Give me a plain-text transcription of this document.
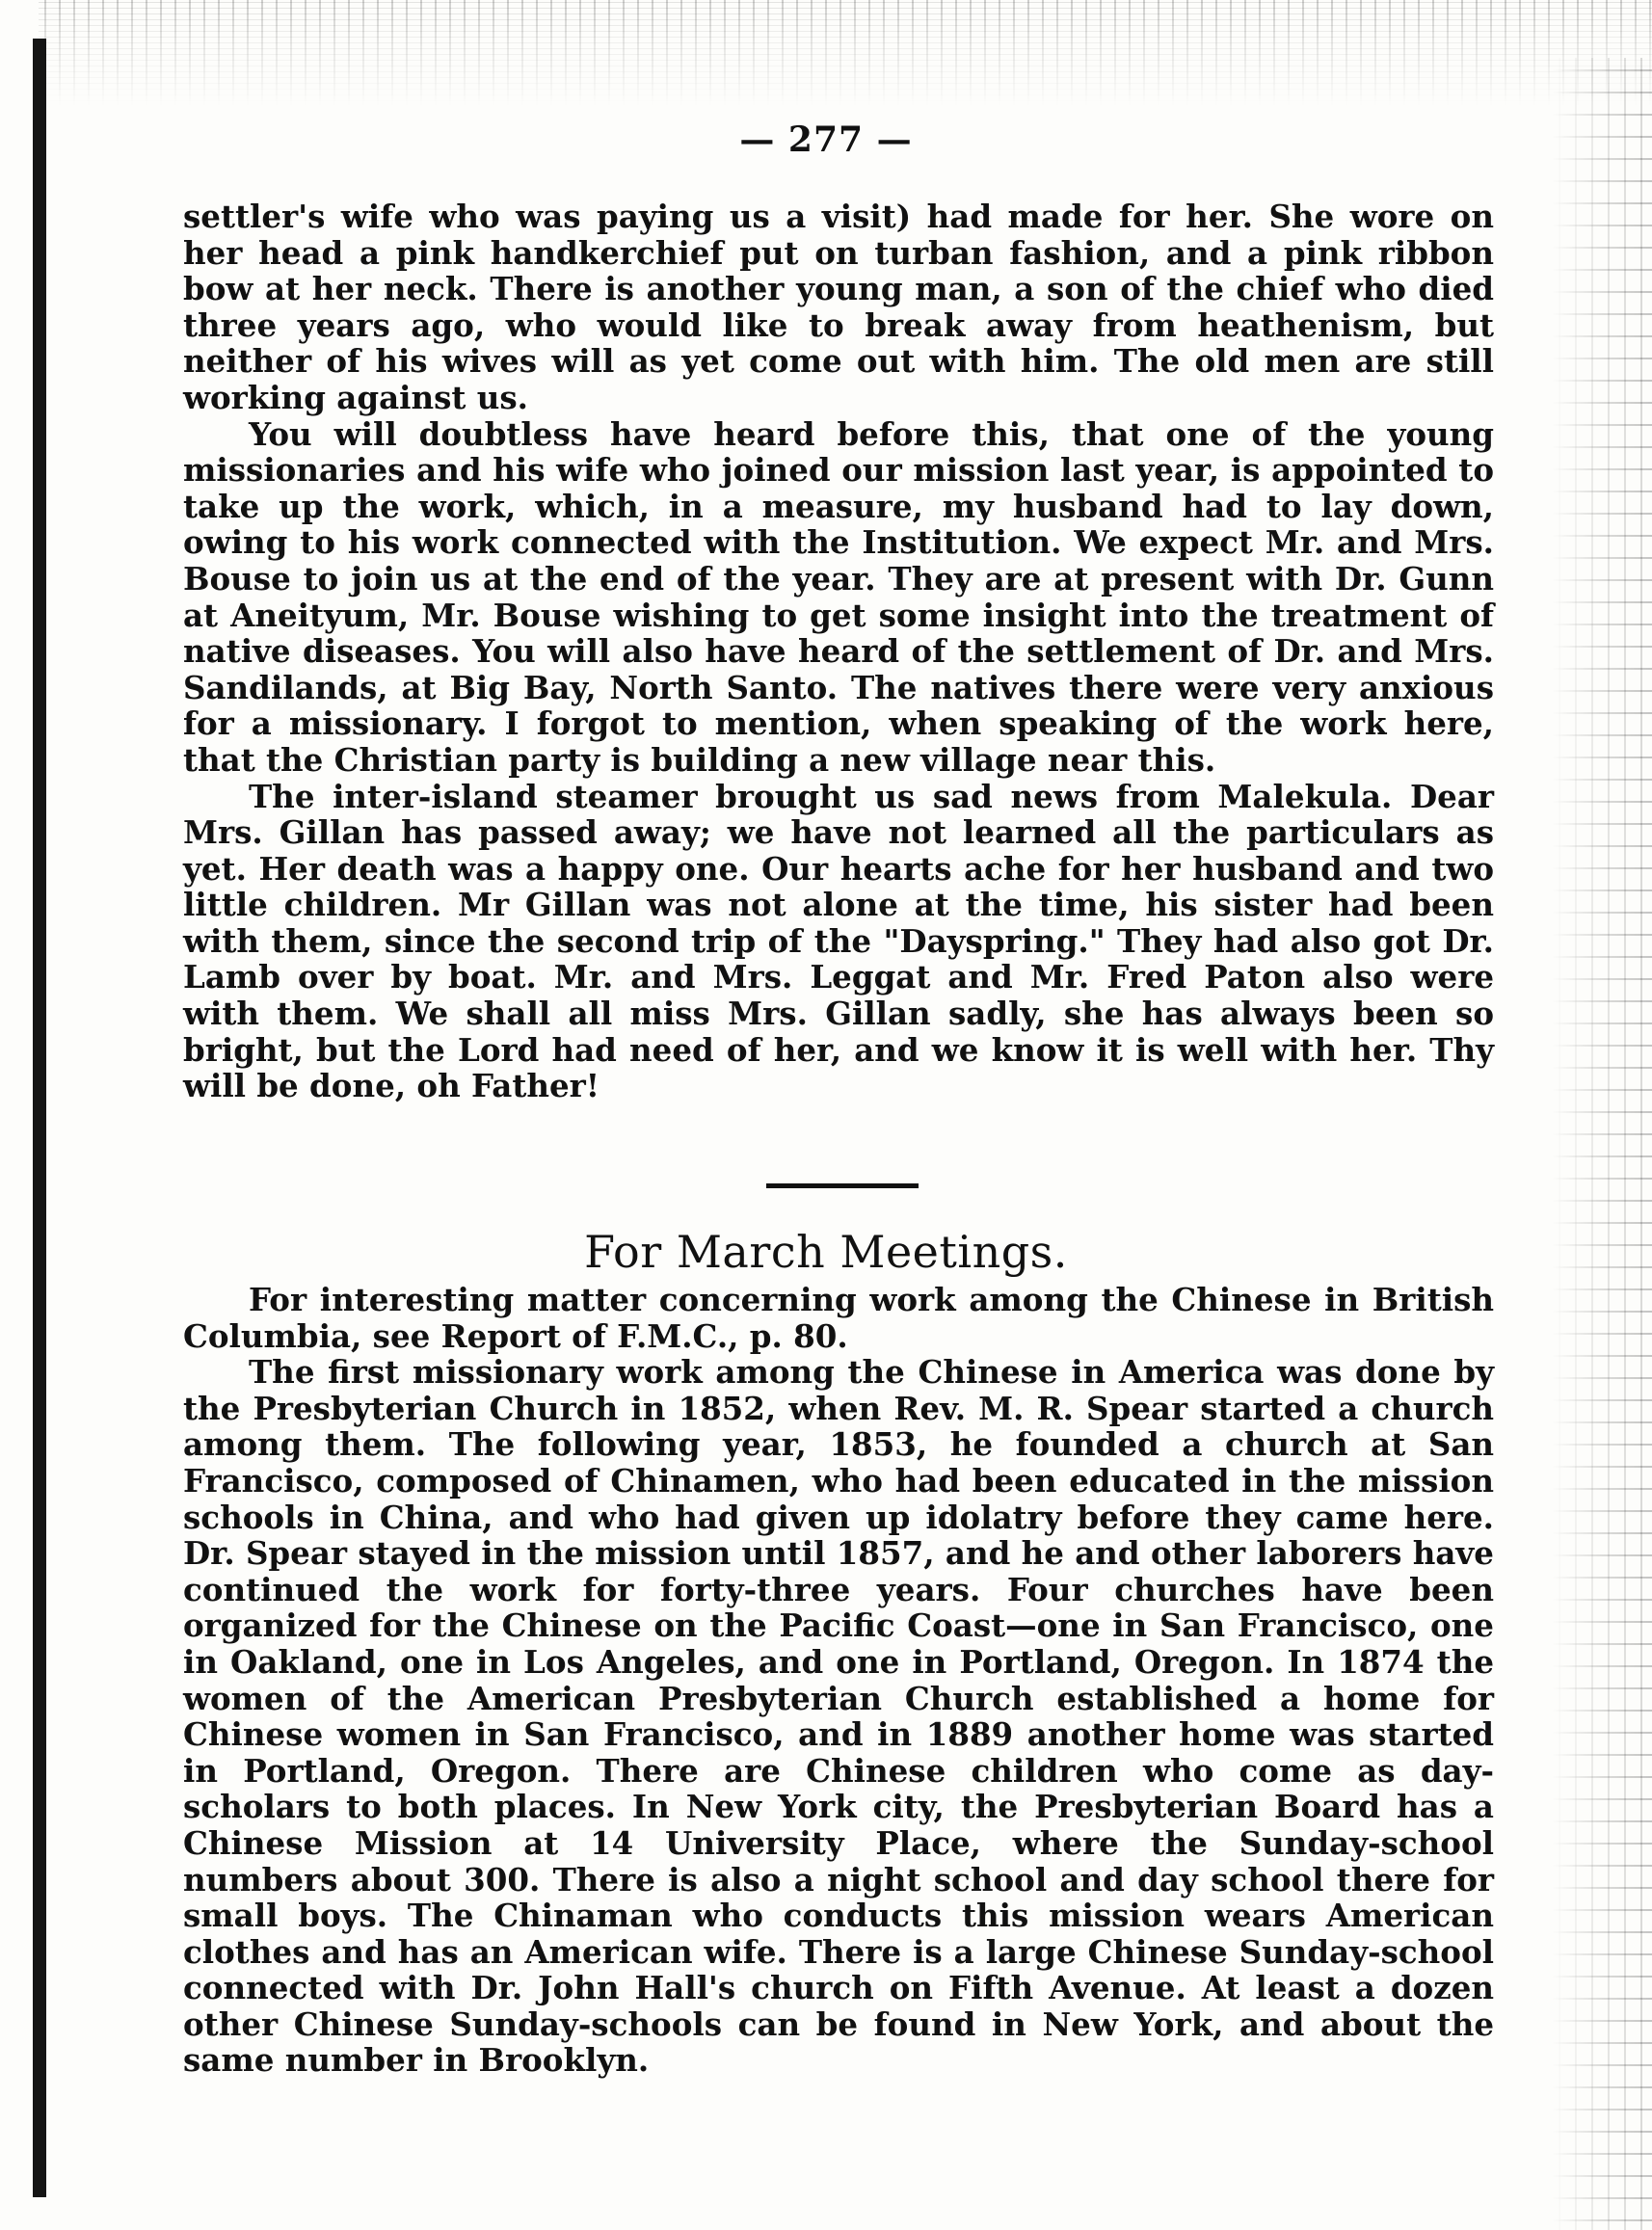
— 277 —

settler's wife who was paying us a visit) had made for her. She wore on her head a pink handkerchief put on turban fashion, and a pink ribbon bow at her neck. There is another young man, a son of the chief who died three years ago, who would like to break away from heathenism, but neither of his wives will as yet come out with him. The old men are still working against us.

You will doubtless have heard before this, that one of the young missionaries and his wife who joined our mission last year, is appointed to take up the work, which, in a measure, my husband had to lay down, owing to his work connected with the Institution. We expect Mr. and Mrs. Bouse to join us at the end of the year. They are at present with Dr. Gunn at Aneityum, Mr. Bouse wishing to get some insight into the treatment of native diseases. You will also have heard of the settlement of Dr. and Mrs. Sandilands, at Big Bay, North Santo. The natives there were very anxious for a missionary. I forgot to mention, when speaking of the work here, that the Christian party is building a new village near this.

The inter-island steamer brought us sad news from Malekula. Dear Mrs. Gillan has passed away; we have not learned all the particulars as yet. Her death was a happy one. Our hearts ache for her husband and two little children. Mr Gillan was not alone at the time, his sister had been with them, since the second trip of the "Dayspring." They had also got Dr. Lamb over by boat. Mr. and Mrs. Leggat and Mr. Fred Paton also were with them. We shall all miss Mrs. Gillan sadly, she has always been so bright, but the Lord had need of her, and we know it is well with her. Thy will be done, oh Father!

For March Meetings.

For interesting matter concerning work among the Chinese in British Columbia, see Report of F.M.C., p. 80.

The first missionary work among the Chinese in America was done by the Presbyterian Church in 1852, when Rev. M. R. Spear started a church among them. The following year, 1853, he founded a church at San Francisco, composed of Chinamen, who had been educated in the mission schools in China, and who had given up idolatry before they came here. Dr. Spear stayed in the mission until 1857, and he and other laborers have continued the work for forty-three years. Four churches have been organized for the Chinese on the Pacific Coast—one in San Francisco, one in Oakland, one in Los Angeles, and one in Portland, Oregon. In 1874 the women of the American Presbyterian Church established a home for Chinese women in San Francisco, and in 1889 another home was started in Portland, Oregon. There are Chinese children who come as day-scholars to both places. In New York city, the Presbyterian Board has a Chinese Mission at 14 University Place, where the Sunday-school numbers about 300. There is also a night school and day school there for small boys. The Chinaman who conducts this mission wears American clothes and has an American wife. There is a large Chinese Sunday-school connected with Dr. John Hall's church on Fifth Avenue. At least a dozen other Chinese Sunday-schools can be found in New York, and about the same number in Brooklyn.
